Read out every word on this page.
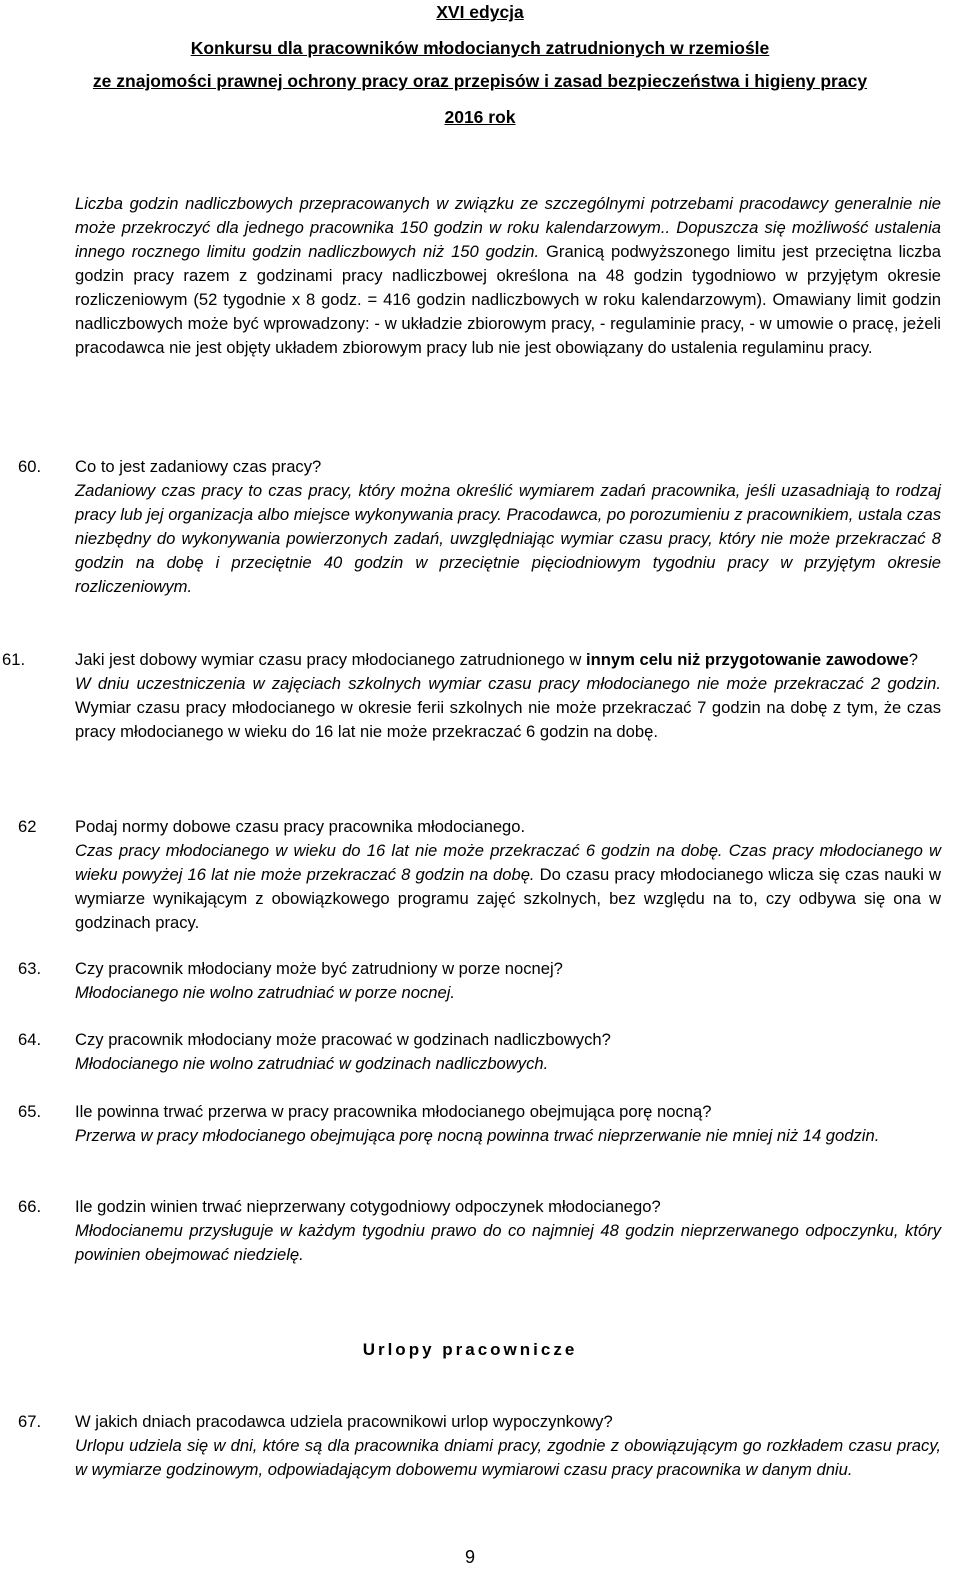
XVI edycja

Konkursu dla pracowników młodocianych zatrudnionych w rzemiośle

ze znajomości prawnej ochrony pracy oraz przepisów i zasad bezpieczeństwa i higieny pracy

2016 rok

Liczba godzin nadliczbowych przepracowanych w związku ze szczególnymi potrzebami pracodawcy generalnie nie może przekroczyć dla jednego pracownika 150 godzin w roku kalendarzowym.. Dopuszcza się możliwość ustalenia innego rocznego limitu godzin nadliczbowych niż 150 godzin. Granicą podwyższonego limitu jest przeciętna liczba godzin pracy razem z godzinami pracy nadliczbowej określona na 48 godzin tygodniowo w przyjętym okresie rozliczeniowym (52 tygodnie x 8 godz. = 416 godzin nadliczbowych w roku kalendarzowym). Omawiany limit godzin nadliczbowych może być wprowadzony: - w układzie zbiorowym pracy, - regulaminie pracy, - w umowie o pracę, jeżeli pracodawca nie jest objęty układem zbiorowym pracy lub nie jest obowiązany do ustalenia regulaminu pracy.

60.	Co to jest zadaniowy czas pracy?

Zadaniowy czas pracy to czas pracy, który można określić wymiarem zadań pracownika, jeśli uzasadniają to rodzaj pracy lub jej organizacja albo miejsce wykonywania pracy. Pracodawca, po porozumieniu z pracownikiem, ustala czas niezbędny do wykonywania powierzonych zadań, uwzględniając wymiar czasu pracy, który nie może przekraczać 8 godzin na dobę i przeciętnie 40 godzin w przeciętnie pięciodniowym tygodniu pracy w przyjętym okresie rozliczeniowym.

61.	Jaki jest dobowy wymiar czasu pracy młodocianego zatrudnionego w innym celu niż przygotowanie zawodowe?

W dniu uczestniczenia w zajęciach szkolnych wymiar czasu pracy młodocianego nie może przekraczać 2 godzin. Wymiar czasu pracy młodocianego w okresie ferii szkolnych nie może przekraczać 7 godzin na dobę z tym, że czas pracy młodocianego w wieku do 16 lat nie może przekraczać 6 godzin na dobę.

62	Podaj normy dobowe czasu pracy pracownika młodocianego.

Czas pracy młodocianego w wieku do 16 lat nie może przekraczać 6 godzin na dobę. Czas pracy młodocianego w wieku powyżej 16 lat nie może przekraczać 8 godzin na dobę. Do czasu pracy młodocianego wlicza się czas nauki w wymiarze wynikającym z obowiązkowego programu zajęć szkolnych, bez względu na to, czy odbywa się ona w godzinach pracy.

63.	Czy pracownik młodociany może być zatrudniony w porze nocnej?

Młodocianego nie wolno zatrudniać w porze nocnej.

64.	Czy pracownik młodociany może pracować w godzinach nadliczbowych?

Młodocianego nie wolno zatrudniać w godzinach nadliczbowych.

65.	Ile powinna trwać przerwa w pracy pracownika młodocianego obejmująca porę nocną?

Przerwa w pracy młodocianego obejmująca porę nocną powinna trwać nieprzerwanie nie mniej niż 14 godzin.

66.	Ile godzin winien trwać nieprzerwany cotygodniowy odpoczynek młodocianego?

Młodocianemu przysługuje w każdym tygodniu prawo do co najmniej 48 godzin nieprzerwanego odpoczynku, który powinien obejmować niedzielę.

Urlopy pracownicze
67.	W jakich dniach pracodawca udziela pracownikowi urlop wypoczynkowy?

Urlopu udziela się w dni, które są dla pracownika dniami pracy, zgodnie z obowiązującym go rozkładem czasu pracy, w wymiarze godzinowym, odpowiadającym dobowemu wymiarowi czasu pracy pracownika w danym dniu.

9
